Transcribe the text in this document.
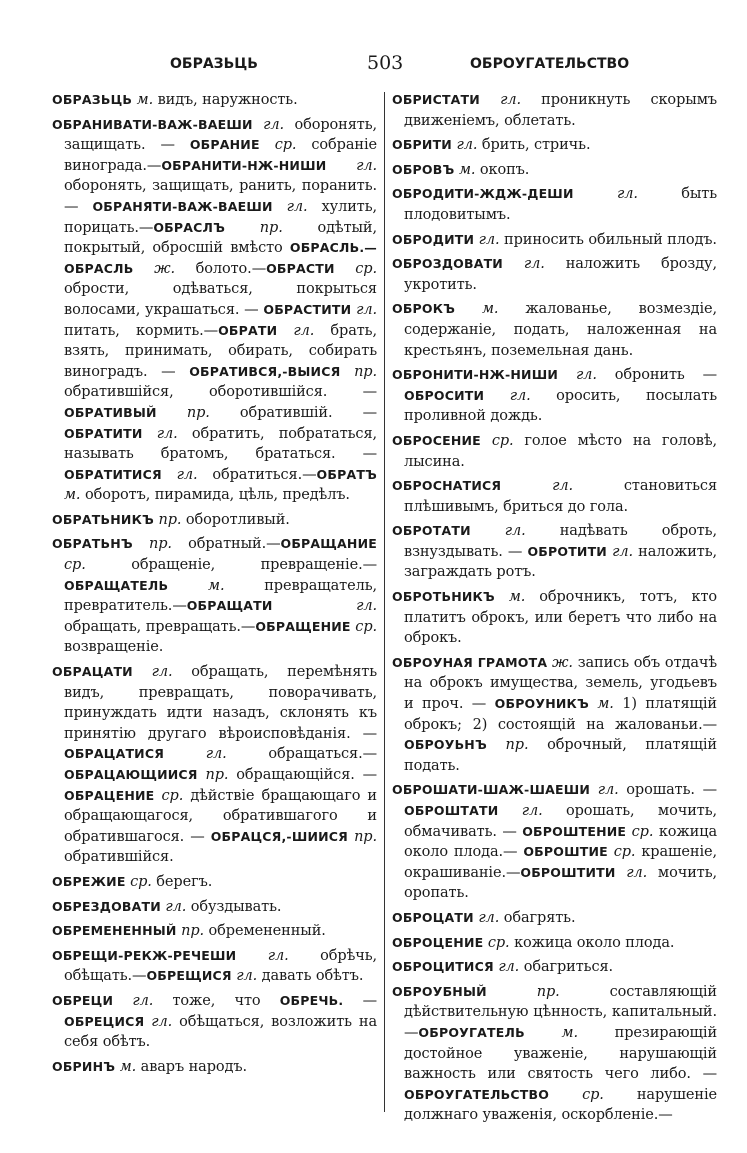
ОБРАЗЬЦЬ	503	ОБРОУГАТЕЛЬСТВО

ОБРАЗЬЦЬ м. видъ, наружность.

ОБРАНИВАТИ-ВАЖ-ВАЕШИ гл. оборонять, защищать. — ОБРАНИЕ ср. собраніе винограда.—ОБРАНИТИ-НЖ-НИШИ гл. оборонять, защищать, ранить, поранить. — ОБРАНЯТИ-ВАЖ-ВАЕШИ гл. хулить, порицать.—ОБРАСЛЪ пр. одѣтый, покрытый, обросшій вмѣсто ОБРАСЛЬ.—ОБРАСЛЬ ж. болото.—ОБРАСТИ ср. обрости, одѣваться, покрыться волосами, украшаться. — ОБРАСТИТИ гл. питать, кормить.—ОБРАТИ гл. брать, взять, принимать, обирать, собирать виноградъ. — ОБРАТИВСЯ,-ВЫИСЯ пр. обратившійся, оборотившійся. — ОБРАТИВЫЙ пр. обратившій. — ОБРАТИТИ гл. обратить, побрататься, называть братомъ, брататься. — ОБРАТИТИСЯ гл. обратиться.—ОБРАТЪ м. оборотъ, пирамида, цѣль, предѣлъ.

ОБРАТЬНИКЪ пр. оборотливый.

ОБРАТЬНЪ пр. обратный.—ОБРАЩАНИЕ ср. обращеніе, превращеніе.—ОБРАЩАТЕЛЬ	м. превращатель, превратитель.—ОБРАЩАТИ	гл. обращать, превращать.—ОБРАЩЕНИЕ ср. возвращеніе.

ОБРАЦАТИ гл. обращать, перемѣнять видъ, превращать, поворачивать, принуждать идти назадъ, склонять къ принятію другаго вѣроисповѣданія. — ОБРАЦАТИСЯ	гл. обращаться.—ОБРАЦАЮЩИИСЯ пр. обращающійся. — ОБРАЦЕНИЕ ср. дѣйствіе бращающаго и обращающагося, обратившагого и обратившагося. — ОБРАЦСЯ,-ШИИСЯ пр. обратившійся.

ОБРЕЖИЕ ср. берегъ.

ОБРЕЗДОВАТИ гл. обуздывать.

ОБРЕМЕНЕННЫЙ пр. обремененный.

ОБРЕЩИ-РЕКЖ-РЕЧЕШИ гл. обрѣчь, обѣщать.—ОБРЕЩИСЯ гл. давать обѣтъ.

ОБРЕЦИ гл. тоже, что ОБРЕЧЬ. — ОБРЕЦИСЯ гл. обѣщаться, возложить на себя обѣтъ.

ОБРИНЪ м. аваръ народъ.

ОБРИСТАТИ гл. проникнуть скорымъ движеніемъ, облетать.

ОБРИТИ гл. брить, стричь.

ОБРОВЪ м. окопъ.

ОБРОДИТИ-ЖДЖ-ДЕШИ	гл. быть плодовитымъ.

ОБРОДИТИ гл. приносить обильный плодъ.

ОБРОЗДОВАТИ гл. наложить брозду, укротить.

ОБРОКЪ м. жалованье, возмездіе, содержаніе, подать, наложенная на крестьянъ, поземельная дань.

ОБРОНИТИ-НЖ-НИШИ гл. обронить — ОБРОСИТИ гл. оросить, посылать проливной дождь.

ОБРОСЕНИЕ ср. голое мѣсто на головѣ, лысина.

ОБРОСНАТИСЯ	гл. становиться плѣшивымъ, бриться до гола.

ОБРОТАТИ гл. надѣвать оброть, взнуздывать. — ОБРОТИТИ гл. наложить, заграждать ротъ.

ОБРОТЬНИКЪ м. оброчникъ, тотъ, кто платитъ оброкъ, или беретъ что либо на оброкъ.

ОБРОУНАЯ ГРАМОТА ж. запись объ отдачѣ на оброкъ имущества, земель, угодьевъ и проч. — ОБРОУНИКЪ м. 1) платящій оброкъ; 2) состоящій на жалованьи.—ОБРОУЬНЪ пр. оброчный, платящій подать.

ОБРОШАТИ-ШАЖ-ШАЕШИ гл. орошать. —ОБРОШТАТИ гл. орошать, мочить, обмачивать. — ОБРОШТЕНИЕ ср. кожица около плода.— ОБРОШТИЕ ср. крашеніе, окрашиваніе.—ОБРОШТИТИ гл. мочить, оропать.

ОБРОЦАТИ гл. обагрять.

ОБРОЦЕНИЕ ср. кожица около плода.

ОБРОЦИТИСЯ гл. обагриться.

ОБРОУБНЫЙ	пр. составляющій дѣйствительную цѣнность, капитальный.—ОБРОУГАТЕЛЬ	м. презирающій достойное уваженіе, нарушающій важность или святость чего либо. — ОБРОУГАТЕЛЬСТВО ср. нарушеніе должнаго уваженія, оскорбленіе.—
